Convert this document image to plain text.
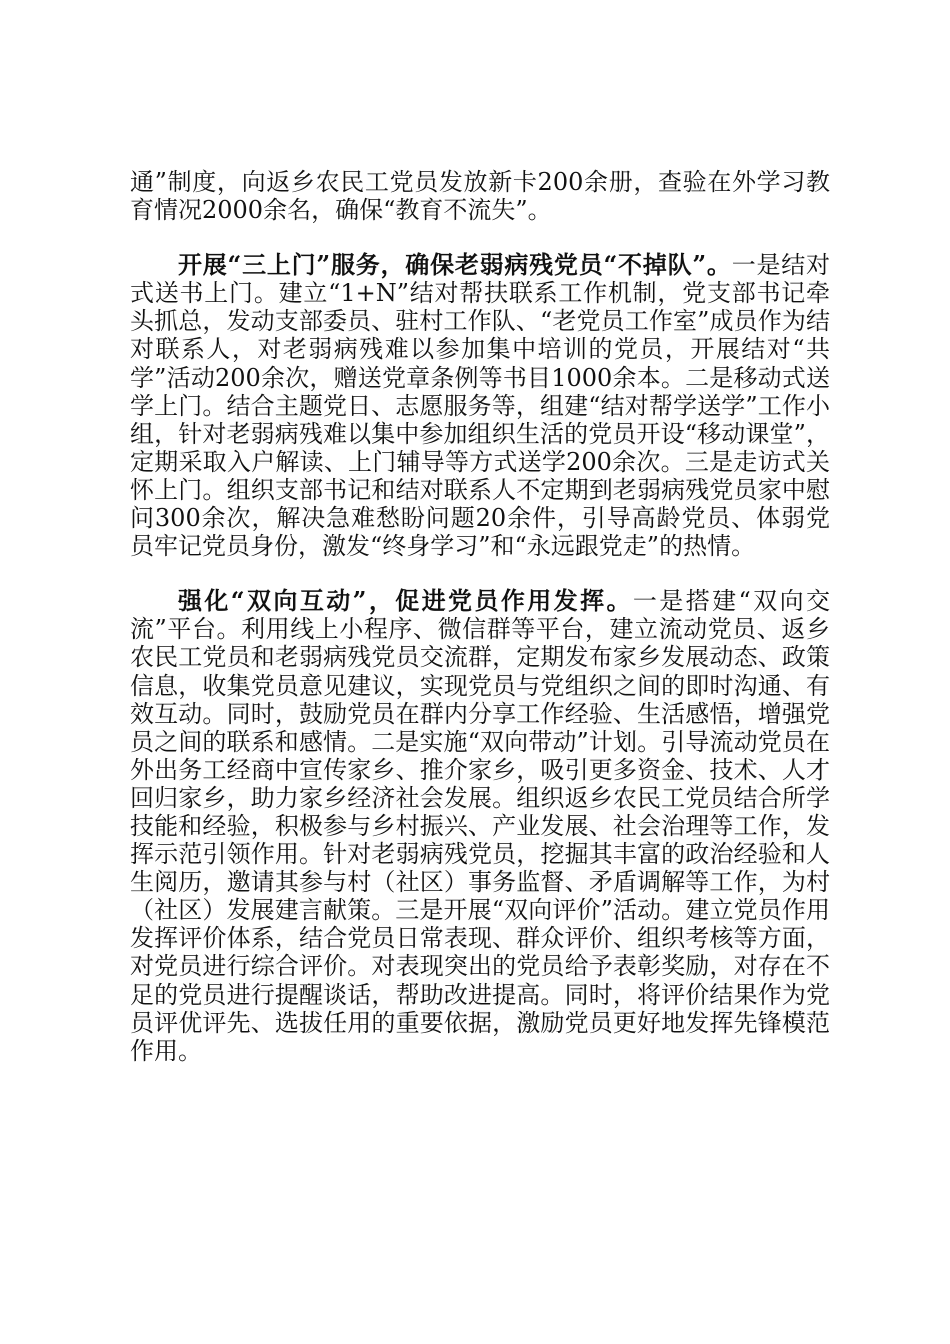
通”制度，向返乡农民工党员发放新卡200余册，查验在外学习教育情况2000余名，确保“教育不流失”。

开展“三上门”服务，确保老弱病残党员“不掉队”。一是结对式送书上门。建立“1+N”结对帮扶联系工作机制，党支部书记牵头抓总，发动支部委员、驻村工作队、“老党员工作室”成员作为结对联系人，对老弱病残难以参加集中培训的党员，开展结对“共学”活动200余次，赠送党章条例等书目1000余本。二是移动式送学上门。结合主题党日、志愿服务等，组建“结对帮学送学”工作小组，针对老弱病残难以集中参加组织生活的党员开设“移动课堂”，定期采取入户解读、上门辅导等方式送学200余次。三是走访式关怀上门。组织支部书记和结对联系人不定期到老弱病残党员家中慰问300余次，解决急难愁盼问题20余件，引导高龄党员、体弱党员牢记党员身份，激发“终身学习”和“永远跟党走”的热情。

强化“双向互动”，促进党员作用发挥。一是搭建“双向交流”平台。利用线上小程序、微信群等平台，建立流动党员、返乡农民工党员和老弱病残党员交流群，定期发布家乡发展动态、政策信息，收集党员意见建议，实现党员与党组织之间的即时沟通、有效互动。同时，鼓励党员在群内分享工作经验、生活感悟，增强党员之间的联系和感情。二是实施“双向带动”计划。引导流动党员在外出务工经商中宣传家乡、推介家乡，吸引更多资金、技术、人才回归家乡，助力家乡经济社会发展。组织返乡农民工党员结合所学技能和经验，积极参与乡村振兴、产业发展、社会治理等工作，发挥示范引领作用。针对老弱病残党员，挖掘其丰富的政治经验和人生阅历，邀请其参与村（社区）事务监督、矛盾调解等工作，为村（社区）发展建言献策。三是开展“双向评价”活动。建立党员作用发挥评价体系，结合党员日常表现、群众评价、组织考核等方面，对党员进行综合评价。对表现突出的党员给予表彰奖励，对存在不足的党员进行提醒谈话，帮助改进提高。同时，将评价结果作为党员评优评先、选拔任用的重要依据，激励党员更好地发挥先锋模范作用。
